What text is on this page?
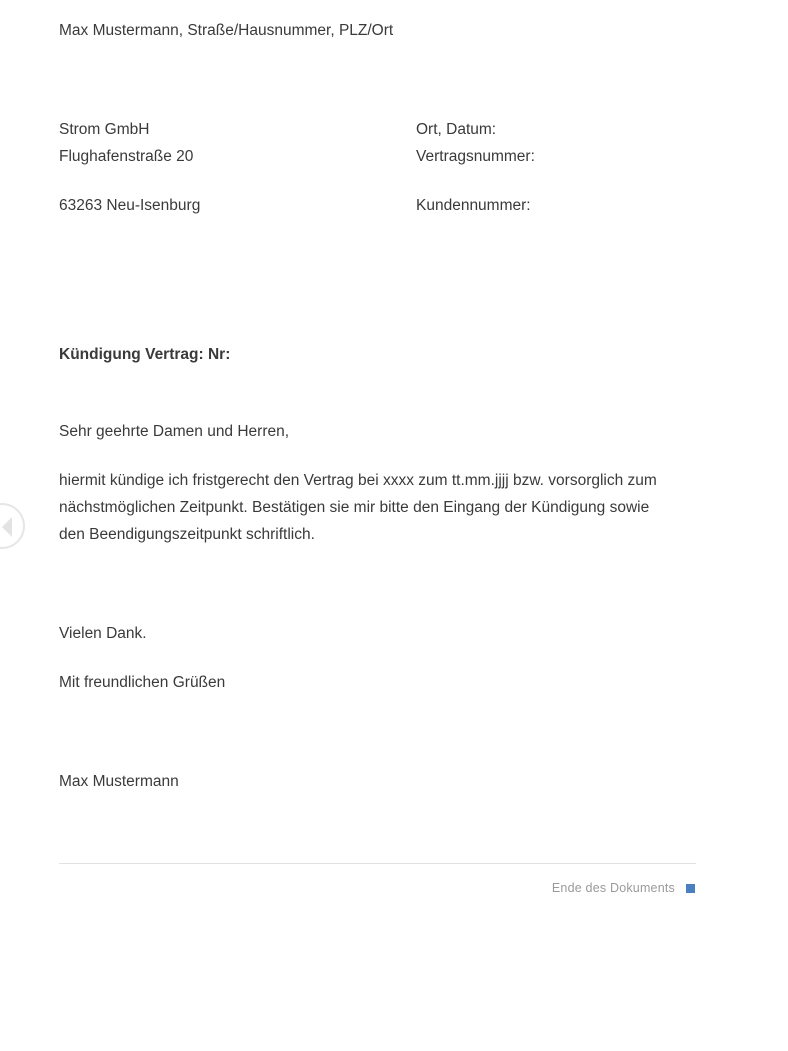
Max Mustermann, Straße/Hausnummer, PLZ/Ort

Strom GmbH
Flughafenstraße 20
63263 Neu-Isenburg
Ort, Datum:
Vertragsnummer:
Kundennummer:

Kündigung Vertrag: Nr:

Sehr geehrte Damen und Herren,

hiermit kündige ich fristgerecht den Vertrag bei xxxx zum tt.mm.jjjj bzw. vorsorglich zum
nächstmöglichen Zeitpunkt. Bestätigen sie mir bitte den Eingang der Kündigung sowie
den Beendigungszeitpunkt schriftlich.

Vielen Dank.

Mit freundlichen Grüßen

Max Mustermann

Ende des Dokuments
